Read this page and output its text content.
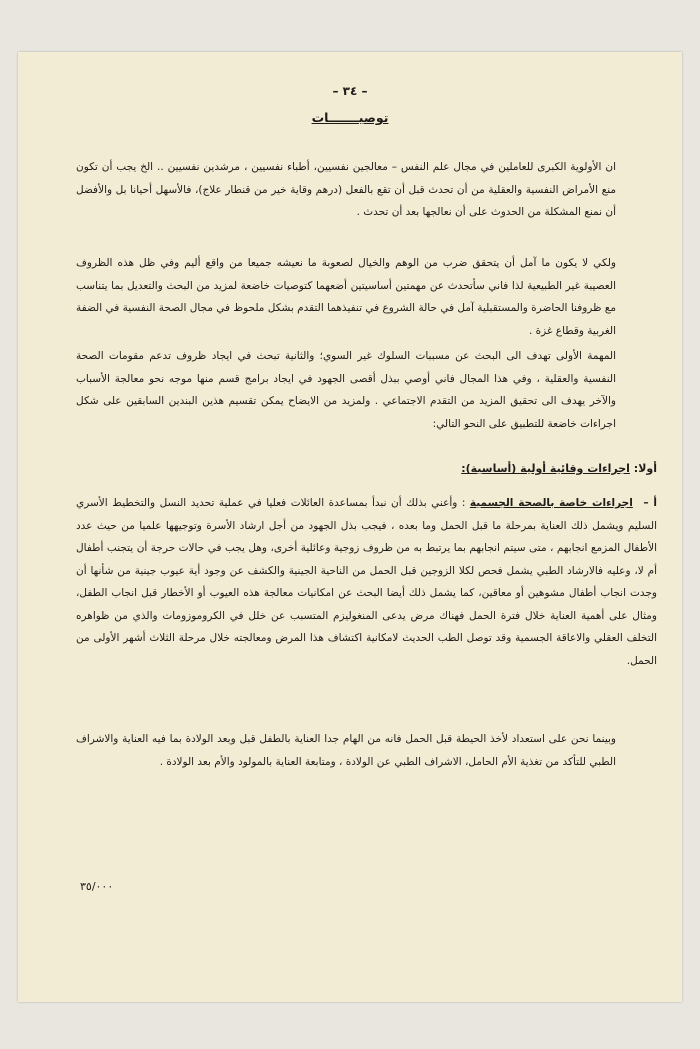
– ٣٤ –
توصيـــــــات
ان الأولوية الكبرى للعاملين في مجال علم النفس – معالجين نفسيين، أطباء نفسيين ، مرشدين نفسيين .. الخ يجب أن تكون منع الأمراض النفسية والعقلية من أن تحدث قبل أن تقع بالفعل (درهم وقاية خير من قنطار علاج)، فالأسهل أحيانا بل والأفضل أن نمنع المشكلة من الحدوث على أن نعالجها بعد أن تحدث .
ولكي لا يكون ما آمل أن يتحقق ضرب من الوهم والخيال لصعوبة ما نعيشه جميعا من واقع أليم وفي ظل هذه الظروف العصيبة غير الطبيعية لذا فاني سأتحدث عن مهمتين أساسيتين أضعهما كتوصيات خاضعة لمزيد من البحث والتعديل بما يتناسب مع ظروفنا الحاضرة والمستقبلية آمل في حالة الشروع في تنفيذهما التقدم بشكل ملحوظ في مجال الصحة النفسية في الضفة الغربية وقطاع غزة .
المهمة الأولى تهدف الى البحث عن مسببات السلوك غير السوي؛ والثانية تبحث في ايجاد ظروف تدعم مقومات الصحة النفسية والعقلية ، وفي هذا المجال فاني أوصي ببذل أقصى الجهود في ايجاد برامج قسم منها موجه نحو معالجة الأسباب والآخر يهدف الى تحقيق المزيد من التقدم الاجتماعي . ولمزيد من الايضاح يمكن تقسيم هذين البندين السابقين على شكل اجراءات خاضعة للتطبيق على النحو التالي:
أولا: اجراءات وقائية أولية (أساسية):
أ – اجراءات خاصة بالصحة الجسمية : وأعني بذلك أن نبدأ بمساعدة العائلات فعليا في عملية تحديد النسل والتخطيط الأسري السليم ويشمل ذلك العناية بمرحلة ما قبل الحمل وما بعده ، فيجب بذل الجهود من أجل ارشاد الأسرة وتوجيهها علميا من حيث عدد الأطفال المزمع انجابهم ، متى سيتم انجابهم بما يرتبط به من ظروف زوجية وعائلية أخرى، وهل يجب في حالات حرجة أن يتجنب أطفال أم لا، وعليه فالارشاد الطبي يشمل فحص لكلا الزوجين قبل الحمل من الناحية الجينية والكشف عن وجود أية عيوب جينية من شأنها أن وجدت انجاب أطفال مشوهين أو معاقين، كما يشمل ذلك أيضا البحث عن امكانيات معالجة هذه العيوب أو الأخطار قبل انجاب الطفل، ومثال على أهمية العناية خلال فترة الحمل فهناك مرض يدعى المنغوليزم المتسبب عن خلل في الكروموزومات والذي من ظواهره التخلف العقلي والاعاقة الجسمية وقد توصل الطب الحديث لامكانية اكتشاف هذا المرض ومعالجته خلال مرحلة الثلاث أشهر الأولى من الحمل.
وبينما نحن على استعداد لأخذ الحيطة قبل الحمل فانه من الهام جدا العناية بالطفل قبل وبعد الولادة بما فيه العناية والاشراف الطبي للتأكد من تغذية الأم الحامل، الاشراف الطبي عن الولادة ، ومتابعة العناية بالمولود والأم بعد الولادة .
٣٥/٠٠٠
